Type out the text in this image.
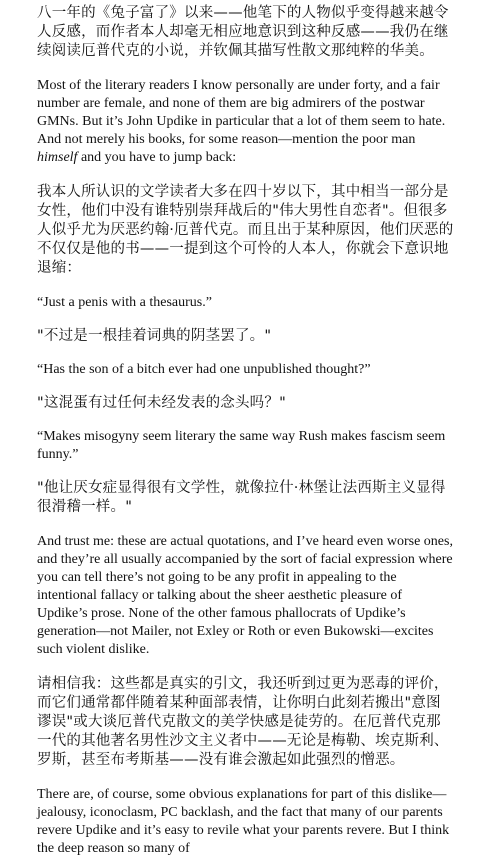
八一年的《兔子富了》以来——他笔下的人物似乎变得越来越令人反感，而作者本人却毫无相应地意识到这种反感——我仍在继续阅读厄普代克的小说，并钦佩其描写性散文那纯粹的华美。

Most of the literary readers I know personally are under forty, and a fair number are female, and none of them are big admirers of the postwar GMNs. But it’s John Updike in particular that a lot of them seem to hate. And not merely his books, for some reason—mention the poor man himself and you have to jump back:

我本人所认识的文学读者大多在四十岁以下，其中相当一部分是女性，他们中没有谁特别崇拜战后的"伟大男性自恋者"。但很多人似乎尤为厌恶约翰·厄普代克。而且出于某种原因，他们厌恶的不仅仅是他的书——一提到这个可怜的人本人，你就会下意识地退缩：

“Just a penis with a thesaurus.”

"不过是一根挂着词典的阴茎罢了。"

“Has the son of a bitch ever had one unpublished thought?”

"这混蛋有过任何未经发表的念头吗？"

“Makes misogyny seem literary the same way Rush makes fascism seem funny.”

"他让厌女症显得很有文学性，就像拉什·林堡让法西斯主义显得很滑稽一样。"

And trust me: these are actual quotations, and I’ve heard even worse ones, and they’re all usually accompanied by the sort of facial expression where you can tell there’s not going to be any profit in appealing to the intentional fallacy or talking about the sheer aesthetic pleasure of Updike’s prose. None of the other famous phallocrats of Updike’s generation—not Mailer, not Exley or Roth or even Bukowski—excites such violent dislike.

请相信我：这些都是真实的引文，我还听到过更为恶毒的评价，而它们通常都伴随着某种面部表情，让你明白此刻若搬出"意图谬误"或大谈厄普代克散文的美学快感是徒劳的。在厄普代克那一代的其他著名男性沙文主义者中——无论是梅勒、埃克斯利、罗斯，甚至布考斯基——没有谁会激起如此强烈的憎恶。

There are, of course, some obvious explanations for part of this dislike—jealousy, iconoclasm, PC backlash, and the fact that many of our parents revere Updike and it’s easy to revile what your parents revere. But I think the deep reason so many of
